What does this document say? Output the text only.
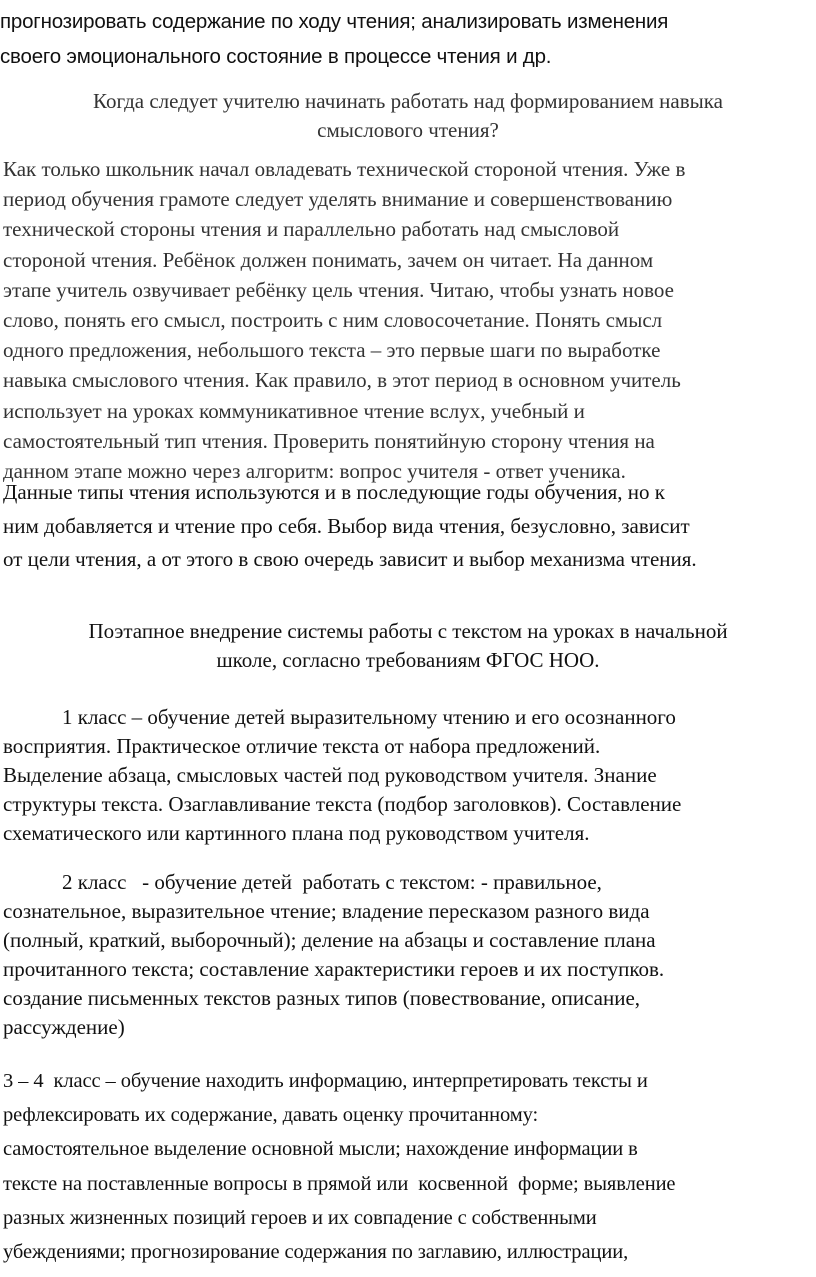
прогнозировать содержание по ходу чтения; анализировать изменения
своего эмоционального состояние в процессе чтения и др.

Когда следует учителю начинать работать над формированием навыка
смыслового чтения?

Как только школьник начал овладевать технической стороной чтения. Уже в
период обучения грамоте следует уделять внимание и совершенствованию
технической стороны чтения и параллельно работать над смысловой
стороной чтения. Ребёнок должен понимать, зачем он читает. На данном
этапе учитель озвучивает ребёнку цель чтения. Читаю, чтобы узнать новое
слово, понять его смысл, построить с ним словосочетание. Понять смысл
одного предложения, небольшого текста – это первые шаги по выработке
навыка смыслового чтения. Как правило, в этот период в основном учитель
использует на уроках коммуникативное чтение вслух, учебный и
самостоятельный тип чтения. Проверить понятийную сторону чтения на
данном этапе можно через алгоритм: вопрос учителя - ответ ученика.

Данные типы чтения используются и в последующие годы обучения, но к
ним добавляется и чтение про себя. Выбор вида чтения, безусловно, зависит
от цели чтения, а от этого в свою очередь зависит и выбор механизма чтения.

Поэтапное внедрение системы работы с текстом на уроках в начальной
школе, согласно требованиям ФГОС НОО.

1 класс – обучение детей выразительному чтению и его осознанного
восприятия. Практическое отличие текста от набора предложений.
Выделение абзаца, смысловых частей под руководством учителя. Знание
структуры текста. Озаглавливание текста (подбор заголовков). Составление
схематического или картинного плана под руководством учителя.

2 класс   - обучение детей  работать с текстом: - правильное,
сознательное, выразительное чтение; владение пересказом разного вида
(полный, краткий, выборочный); деление на абзацы и составление плана
прочитанного текста; составление характеристики героев и их поступков.
создание письменных текстов разных типов (повествование, описание,
рассуждение)

3 – 4  класс – обучение находить информацию, интерпретировать тексты и
рефлексировать их содержание, давать оценку прочитанному:
самостоятельное выделение основной мысли; нахождение информации в
тексте на поставленные вопросы в прямой или  косвенной  форме; выявление
разных жизненных позиций героев и их совпадение с собственными
убеждениями; прогнозирование содержания по заглавию, иллюстрации,
